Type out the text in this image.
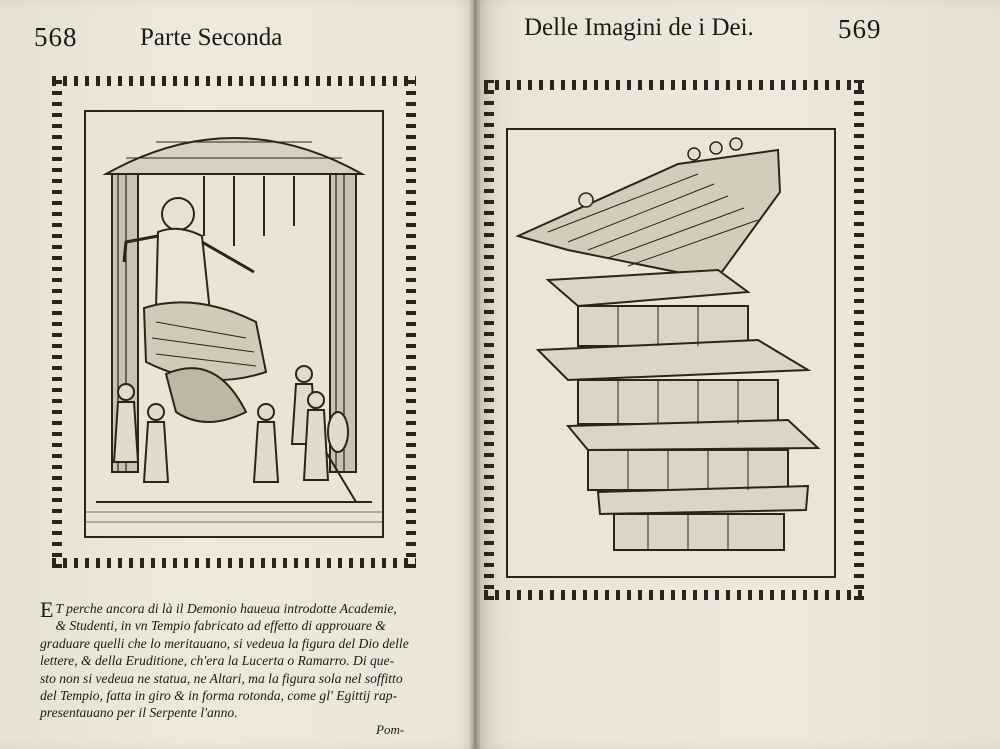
568	Parte Seconda	Delle Imagini de i Dei.	569
E T perche ancora di là il Demonio haueua introdotte Academie,
& Studenti, in vn Tempio fabricato ad effetto di approuare &
graduare quelli che lo meritauano, si vedeua la figura del Dio delle
lettere, & della Eruditione, ch'era la Lucerta o Ramarro. Di que-
sto non si vedeua ne statua, ne Altari, ma la figura sola nel soffitto
del Tempio, fatta in giro & in forma rotonda, come gl' Egittij rap-
presentauano per il Serpente l'anno.
Pom-
